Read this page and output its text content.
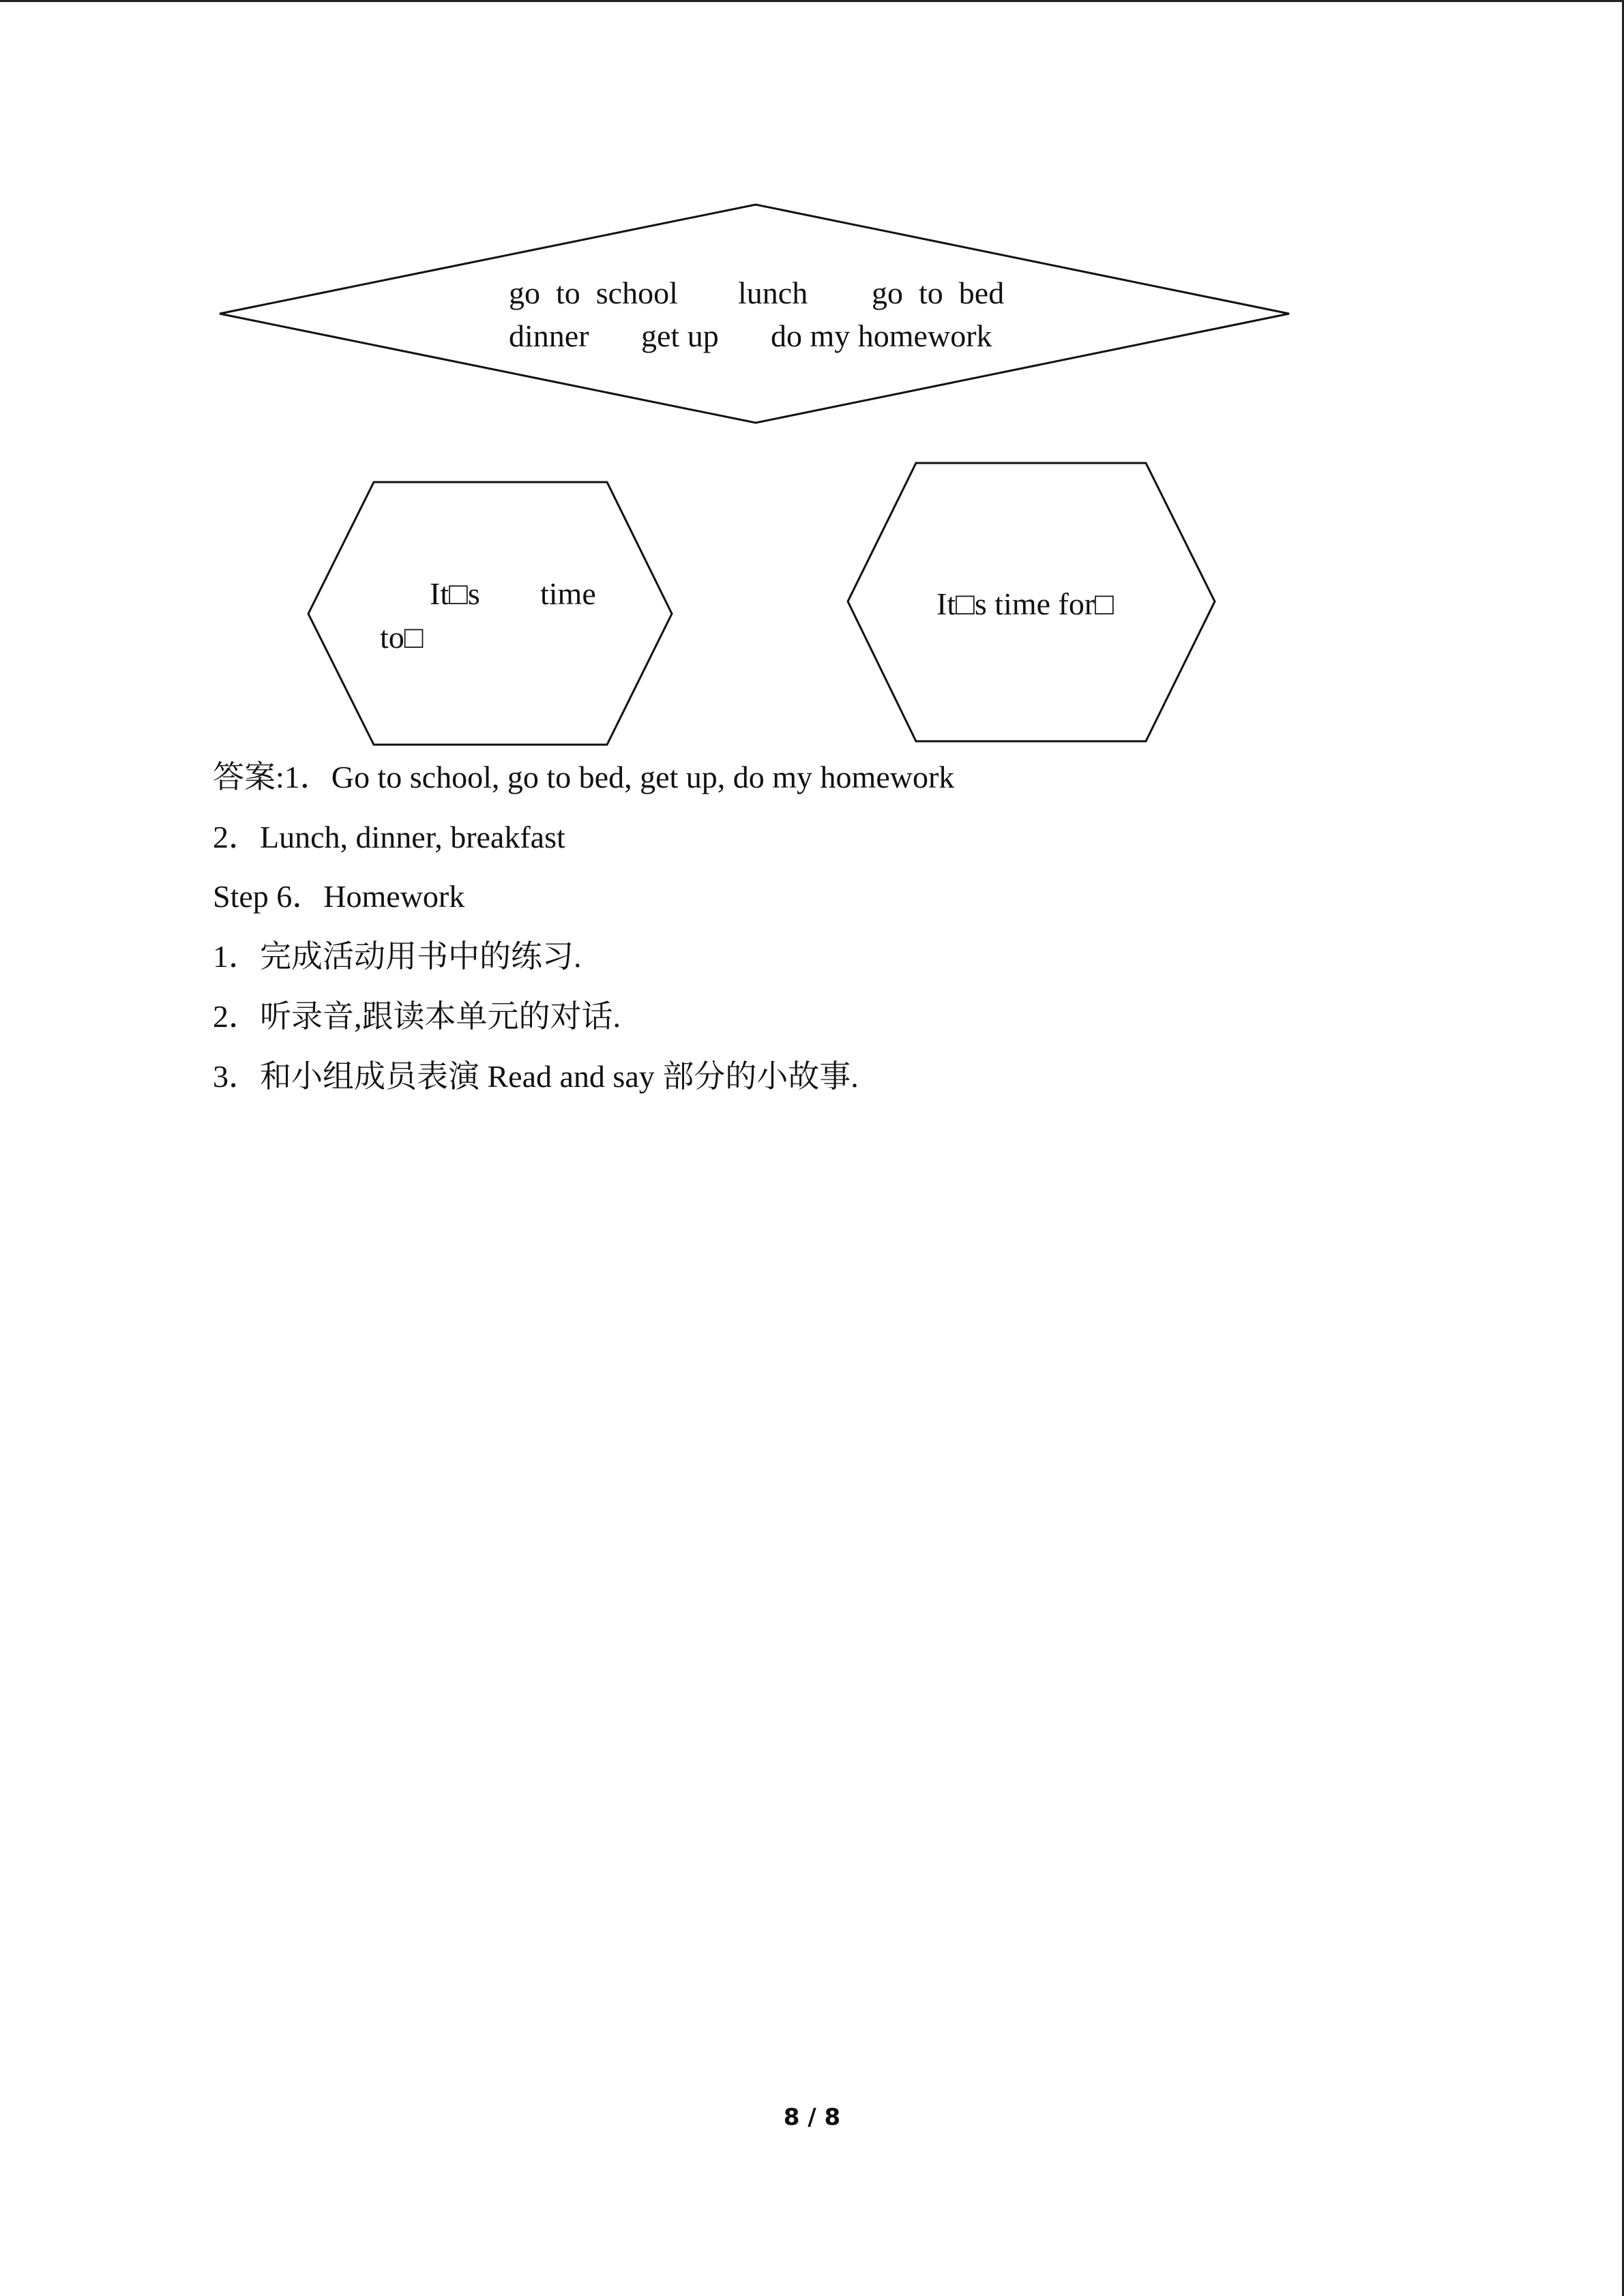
go  to  school lunch go  to  bed
dinner get up do my homework
It□s time
to□
It□s time for□
答案:1．Go to school, go to bed, get up, do my homework
2．Lunch, dinner, breakfast
Step 6．Homework
1．完成活动用书中的练习.
2．听录音,跟读本单元的对话.
3．和小组成员表演 Read and say 部分的小故事.
8 / 8
